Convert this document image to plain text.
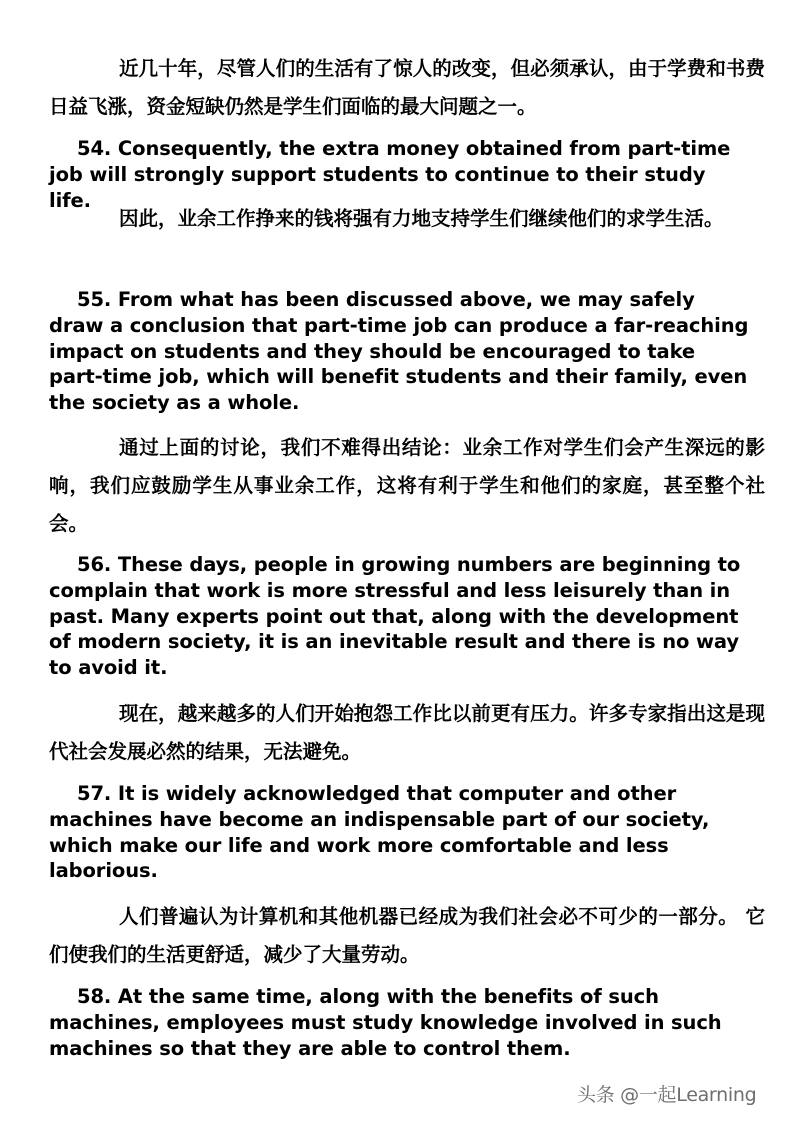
近几十年，尽管人们的生活有了惊人的改变，但必须承认，由于学费和书费日益飞涨，资金短缺仍然是学生们面临的最大问题之一。

54. Consequently, the extra money obtained from part-time job will strongly support students to continue to their study life.

因此，业余工作挣来的钱将强有力地支持学生们继续他们的求学生活。

55. From what has been discussed above, we may safely draw a conclusion that part-time job can produce a far-reaching impact on students and they should be encouraged to take part-time job, which will benefit students and their family, even the society as a whole.

通过上面的讨论，我们不难得出结论：业余工作对学生们会产生深远的影响，我们应鼓励学生从事业余工作，这将有利于学生和他们的家庭，甚至整个社会。

56. These days, people in growing numbers are beginning to complain that work is more stressful and less leisurely than in past. Many experts point out that, along with the development of modern society, it is an inevitable result and there is no way to avoid it.

现在，越来越多的人们开始抱怨工作比以前更有压力。许多专家指出这是现代社会发展必然的结果，无法避免。

57. It is widely acknowledged that computer and other machines have become an indispensable part of our society, which make our life and work more comfortable and less laborious.

人们普遍认为计算机和其他机器已经成为我们社会必不可少的一部分。 它们使我们的生活更舒适，减少了大量劳动。

58. At the same time, along with the benefits of such machines, employees must study knowledge involved in such machines so that they are able to control them.

头条 @一起Learning
